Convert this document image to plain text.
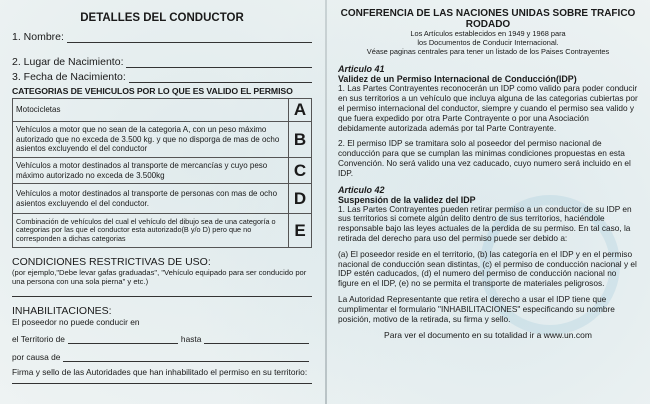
DETALLES DEL CONDUCTOR
1. Nombre:
2. Lugar de Nacimiento:
3. Fecha de Nacimiento:
CATEGORIAS DE VEHICULOS POR LO QUE ES VALIDO EL PERMISO
Motocicletas	A
Vehículos a motor que no sean de la categoria A, con un peso máximo autorizado que no exceda de 3.500 kg. y que no disporga de mas de ocho asientos excluyendo el del conductor	B
Vehículos a motor destinados al transporte de mercancías y cuyo peso máximo autorizado no exceda de 3.500kg	C
Vehículos a motor destinados al transporte de personas con mas de ocho asientos excluyendo el del conductor.	D
Combinación de vehículos del cual el vehículo del dibujo sea de una categoría o categorias por las que el conductor esta autorizado(B y/o D) pero que no corresponden a dichas categorias	E
CONDICIONES RESTRICTIVAS DE USO:
(por ejemplo,"Debe levar gafas graduadas", "Vehículo equipado para ser conducido por una persona con una sola pierna" y etc.)
INHABILITACIONES:
El poseedor no puede conducir en
el Territorio de	hasta
por causa de
Firma y sello de las Autoridades que han inhabilitado el permiso en su territorio:
CONFERENCIA DE LAS NACIONES UNIDAS SOBRE TRAFICO RODADO
Los Artículos establecidos en 1949 y 1968 para
los Documentos de Conducir Internacional.
Véase paginas centrales para tener un listado de los Paises Contrayentes
Articulo 41
Validez de un Permiso Internacional de Conducción(IDP)

1. Las Partes Contrayentes reconocerán un IDP como valido para poder conducir en sus territorios a un vehículo que incluya alguna de las categorias cubiertas por el permiso internacional del conductor, siempre y cuando el permiso sea valido y que fuera expedido por otra Parte Contrayente o por una Asociación debidamente autorizada además por tal Parte Contrayente.

2. El permiso IDP se tramitara solo al poseedor del permiso nacional de conducción para que se cumplan las minimas condiciones propuestas en esta Convención. No será valido una vez caducado, cuyo numero será incluido en el IDP.

Articulo 42
Suspensión de la validez del IDP

1. Las Partes Contrayentes pueden retirar permiso a un conductor de su IDP en sus territorios si comete algún delito dentro de sus territorios, haciéndole responsable bajo las leyes actuales de la perdida de su permiso. En tal caso, la retirada del derecho para uso del permiso puede ser debido a:

(a) El poseedor reside en el territorio, (b) las categoría en el IDP y en el permiso nacional de conducción sean distintas, (c) el permiso de conducción nacional y el IDP estén caducados, (d) el numero del permiso de conducción nacional no figure en el IDP, (e) no se permita el transporte de materiales peligrosos.

La Autoridad Representante que retira el derecho a usar el IDP tiene que cumplimentar el formulario "INHABILITACIONES" especificando su nombre posición, motivo de la retirada, su firma y sello.

Para ver el documento en su totalidad ir a www.un.com
